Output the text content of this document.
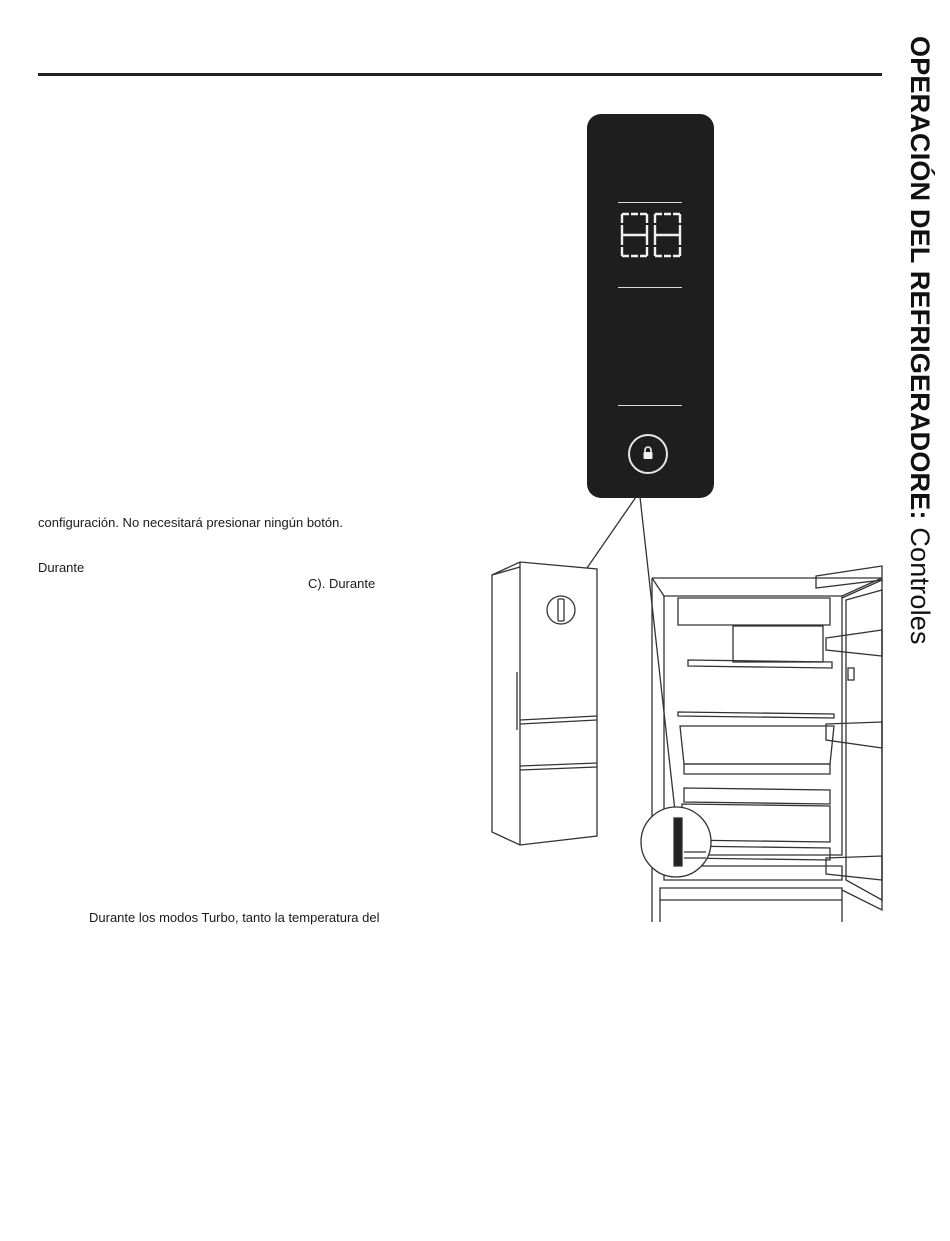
OPERACIÓN DEL REFRIGERADORE: Controles
configuración. No necesitará presionar ningún botón.
Durante
C). Durante
Durante los modos Turbo, tanto la temperatura del
